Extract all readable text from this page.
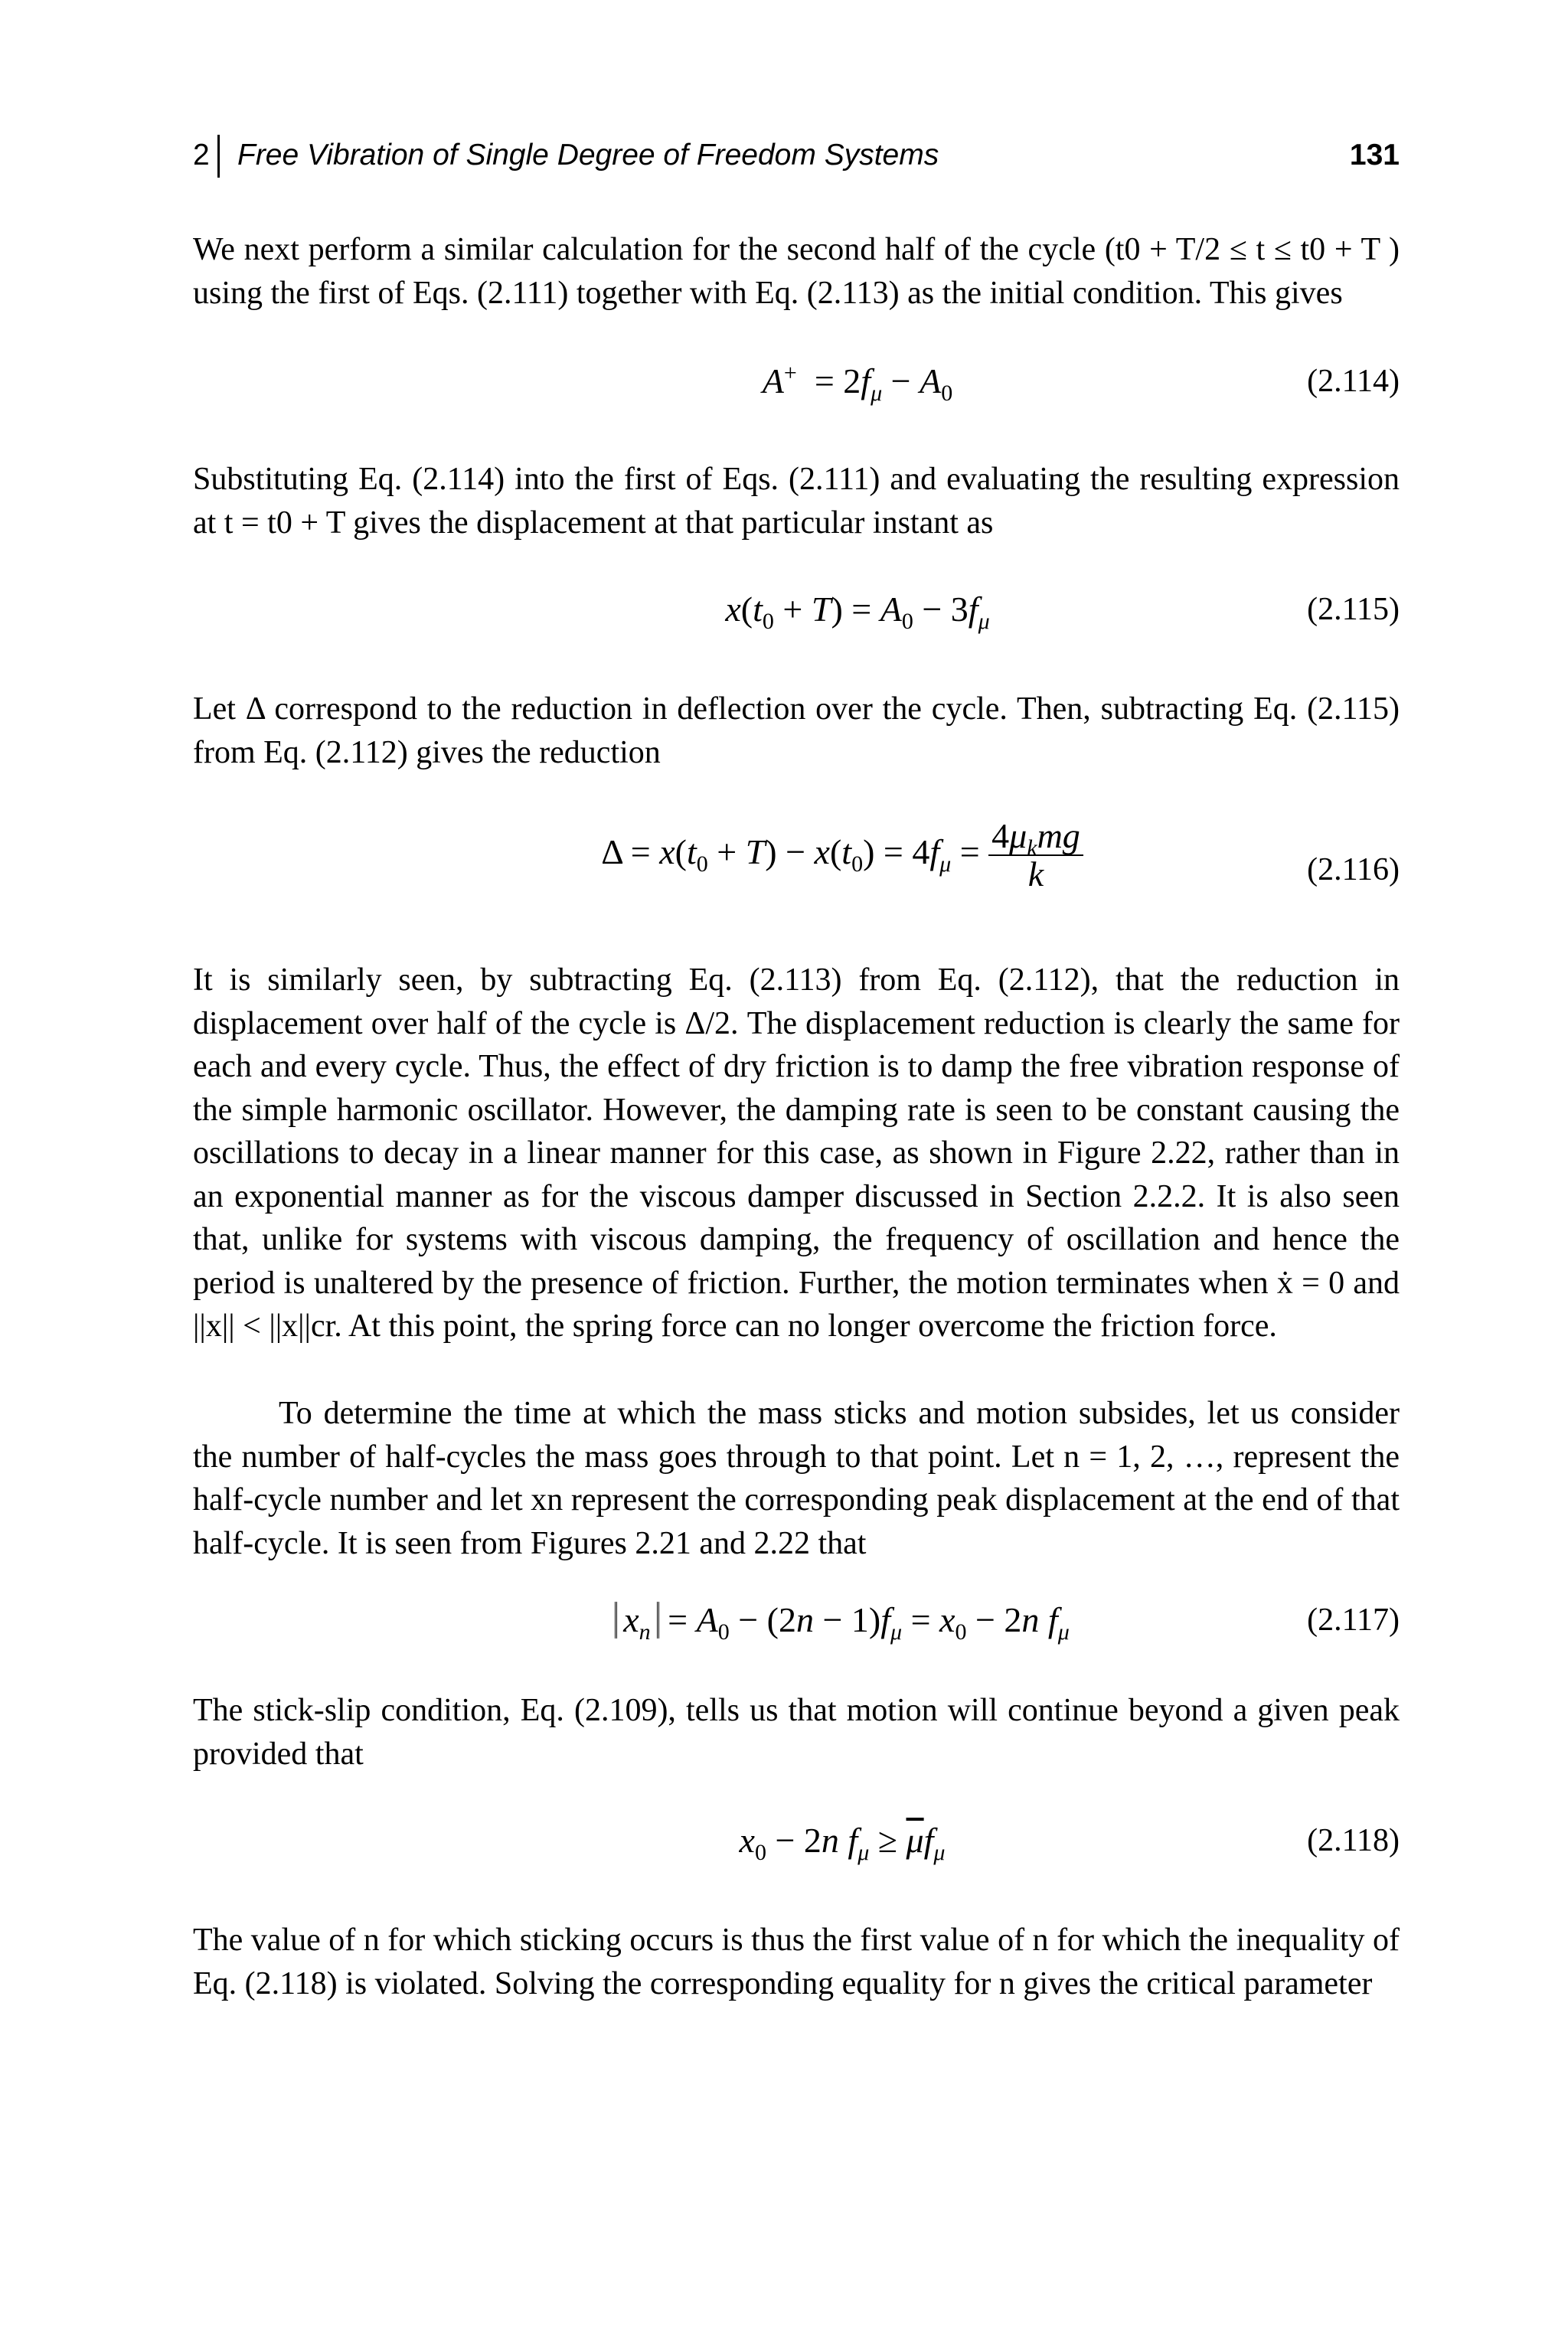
2 Free Vibration of Single Degree of Freedom Systems	131

We next perform a similar calculation for the second half of the cycle (t0 + T/2 ≤ t ≤ t0 + T ) using the first of Eqs. (2.111) together with Eq. (2.113) as the initial condition. This gives

$A^+ = 2f_\mu - A_0$	(2.114)

Substituting Eq. (2.114) into the first of Eqs. (2.111) and evaluating the resulting expression at t = t0 + T gives the displacement at that particular instant as

$x(t_0 + T) = A_0 - 3f_\mu$	(2.115)

Let Δ correspond to the reduction in deflection over the cycle. Then, subtracting Eq. (2.115) from Eq. (2.112) gives the reduction

$\Delta = x(t_0 + T) - x(t_0) = 4f_\mu = \frac{4\mu_kmg}{k}$	(2.116)

It is similarly seen, by subtracting Eq. (2.113) from Eq. (2.112), that the reduction in displacement over half of the cycle is Δ/2. The displacement reduction is clearly the same for each and every cycle. Thus, the effect of dry friction is to damp the free vibration response of the simple harmonic oscillator. However, the damping rate is seen to be constant causing the oscillations to decay in a linear manner for this case, as shown in Figure 2.22, rather than in an exponential manner as for the viscous damper discussed in Section 2.2.2. It is also seen that, unlike for systems with viscous damping, the frequency of oscillation and hence the period is unaltered by the presence of friction. Further, the motion terminates when ẋ = 0 and ||x|| < ||x||cr. At this point, the spring force can no longer overcome the friction force.

To determine the time at which the mass sticks and motion subsides, let us consider the number of half-cycles the mass goes through to that point. Let n = 1, 2, …, represent the half-cycle number and let xn represent the corresponding peak displacement at the end of that half-cycle. It is seen from Figures 2.21 and 2.22 that

$x_n = A_0 - (2n - 1)f_\mu = x_0 - 2n$ $f_\mu$	(2.117)

The stick-slip condition, Eq. (2.109), tells us that motion will continue beyond a given peak provided that

$x_0 - 2n$ $f_\mu \ge \overline{\mu}f_\mu$	(2.118)

The value of n for which sticking occurs is thus the first value of n for which the inequality of Eq. (2.118) is violated. Solving the corresponding equality for n gives the critical parameter
